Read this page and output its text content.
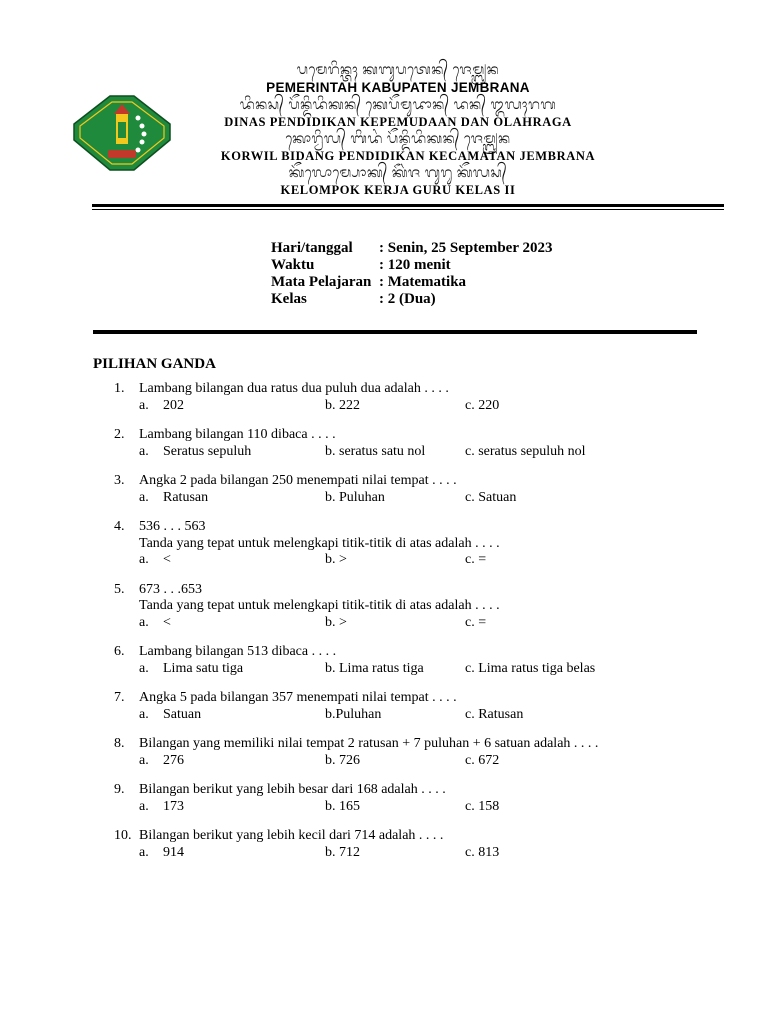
ᬧᬫᬾᬭᬶᬦ᭄ᬢᬄ ᬓᬩᬸᬧᬢᬾᬦ᭄ ᬚᬾᬫ᭄ᬩ᭄ᬭᬦ
PEMERINTAH KABUPATEN JEMBRANA
ᬤᬶᬦᬲ᭄ ᬧᭂᬦ᭄ᬤᬶᬤᬶᬓᬦ᭄ ᬓᬾᬧᭂᬫᬸᬤᬵᬦ᭄ ᬤᬦ᭄ ᬑᬮᬄᬭᬕ
DINAS PENDIDIKAN KEPEMUDAAN DAN OLAHRAGA
ᬓᭀᬭ᭄ᬯᬶᬮ᭄ ᬩᬶᬤᬂ ᬧᭂᬦ᭄ᬤᬶᬤᬶᬓᬦ᭄ ᬚᬾᬫ᭄ᬩ᭄ᬭᬦ
KORWIL BIDANG PENDIDIKAN KECAMATAN JEMBRANA
ᬓᭂᬮᭀᬫ᭄ᬧᭀᬓ᭄ ᬓᭂᬃᬚ ᬕᬸᬭᬸ ᬓᭂᬮᬲ᭄
KELOMPOK KERJA GURU KELAS II
Hari/tanggal	: Senin, 25 September 2023
Waktu	: 120 menit
Mata Pelajaran : Matematika
Kelas	: 2 (Dua)
PILIHAN GANDA
1.	Lambang bilangan dua ratus dua puluh dua adalah . . . .
a.	202	b. 222	c. 220
2.	Lambang bilangan 110 dibaca . . . .
a.	Seratus sepuluh	b. seratus satu nol	c. seratus sepuluh nol
3.	Angka 2 pada bilangan 250 menempati nilai tempat . . . .
a.	Ratusan	b. Puluhan	c. Satuan
4.	536 . . . 563
Tanda yang tepat untuk melengkapi titik-titik di atas adalah . . . .
a.	<	b. >	c. =
5.	673 . . .653
Tanda yang tepat untuk melengkapi titik-titik di atas adalah . . . .
a.	<	b. >	c. =
6.	Lambang bilangan 513 dibaca . . . .
a.	Lima satu tiga	b. Lima ratus tiga	c. Lima ratus tiga belas
7.	Angka 5 pada bilangan 357 menempati nilai tempat . . . .
a.	Satuan	b.Puluhan	c. Ratusan
8.	Bilangan yang memiliki nilai tempat 2 ratusan + 7 puluhan + 6 satuan adalah . . . .
a.	276	b. 726	c. 672
9.	Bilangan berikut yang lebih besar dari 168 adalah . . . .
a.	173	b. 165	c. 158
10. Bilangan berikut yang lebih kecil dari 714 adalah . . . .
a.	914	b. 712	c. 813
